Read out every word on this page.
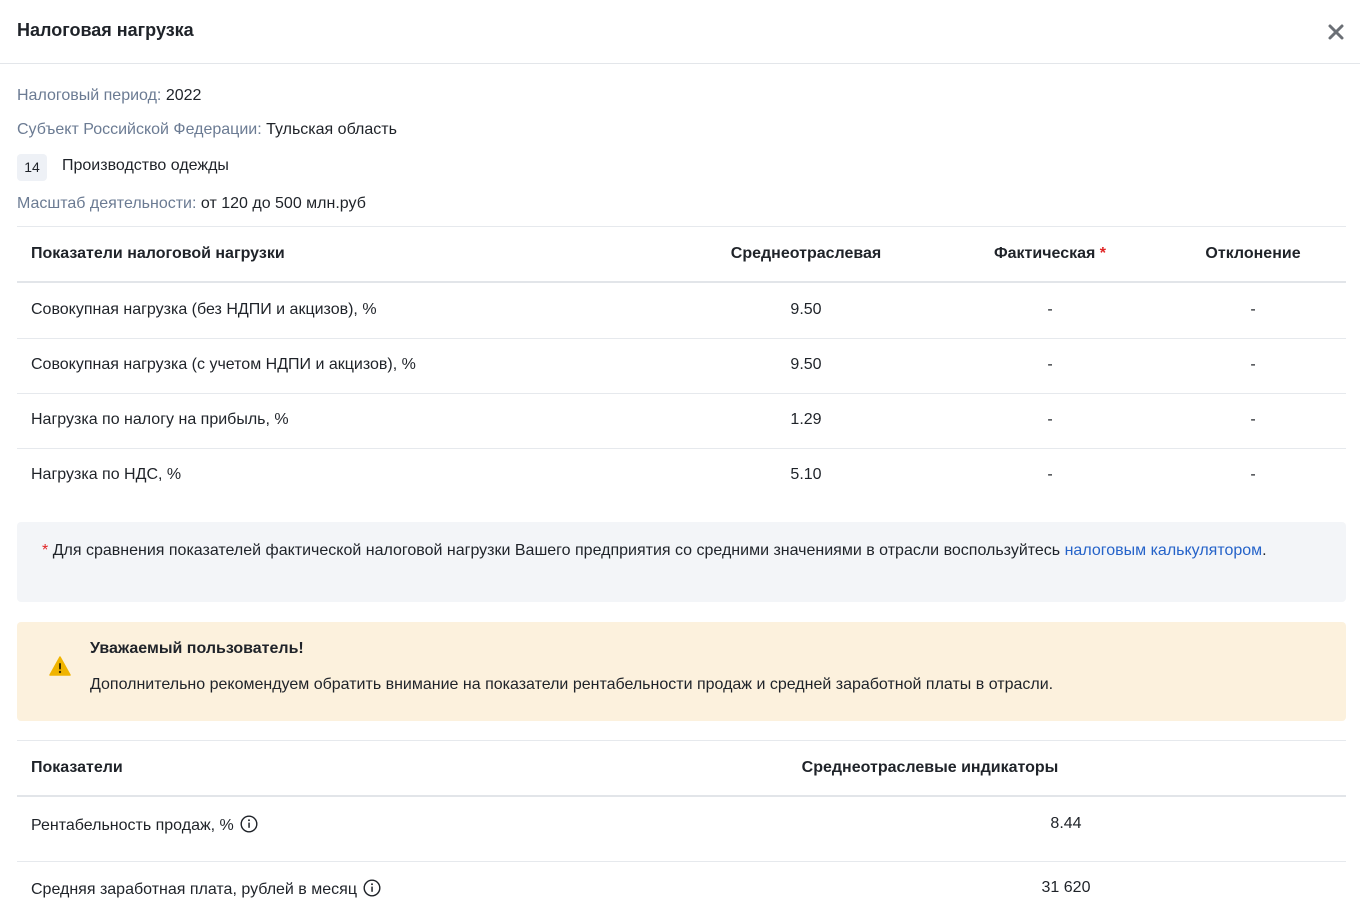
Налоговая нагрузка
Налоговый период: 2022
Субъект Российской Федерации: Тульская область
14	Производство одежды
Масштаб деятельности: от 120 до 500 млн.руб
Показатели налоговой нагрузки	Среднеотраслевая	Фактическая *	Отклонение
Совокупная нагрузка (без НДПИ и акцизов), %	9.50	-	-
Совокупная нагрузка (с учетом НДПИ и акцизов), %	9.50	-	-
Нагрузка по налогу на прибыль, %	1.29	-	-
Нагрузка по НДС, %	5.10	-	-

* Для сравнения показателей фактической налоговой нагрузки Вашего предприятия со средними значениями в отрасли воспользуйтесь налоговым калькулятором.

Уважаемый пользователь!
Дополнительно рекомендуем обратить внимание на показатели рентабельности продаж и средней заработной платы в отрасли.
Показатели	Среднеотраслевые индикаторы
Рентабельность продаж, %	8.44
Средняя заработная плата, рублей в месяц	31 620
